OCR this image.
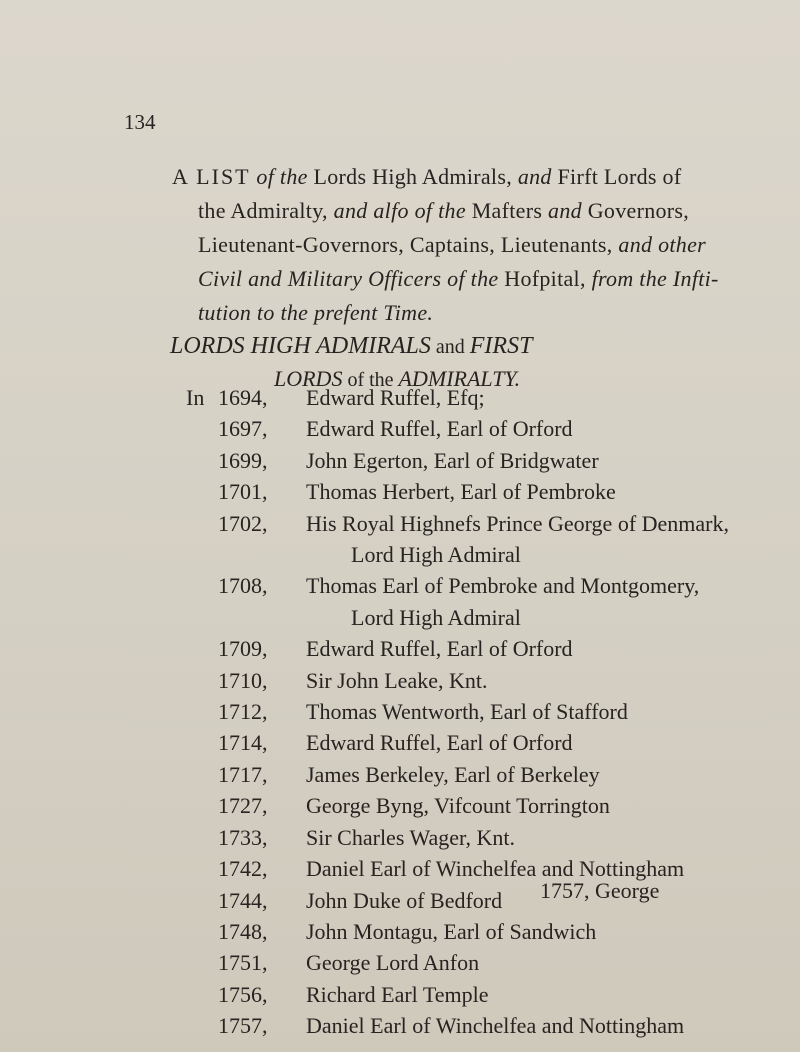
134
A LIST of the Lords High Admirals, and Firft Lords of
the Admiralty, and alfo of the Mafters and Governors,
Lieutenant-Governors, Captains, Lieutenants, and other
Civil and Military Officers of the Hofpital, from the Infti-
tution to the prefent Time.
LORDS HIGH ADMIRALS and FIRST
LORDS of the ADMIRALTY.
In 1694,	Edward Ruffel, Efq;
1697,	Edward Ruffel, Earl of Orford
1699,	John Egerton, Earl of Bridgwater
1701,	Thomas Herbert, Earl of Pembroke
1702,	His Royal Highnefs Prince George of Denmark,
Lord High Admiral
1708,	Thomas Earl of Pembroke and Montgomery,
Lord High Admiral
1709,	Edward Ruffel, Earl of Orford
1710,	Sir John Leake, Knt.
1712,	Thomas Wentworth, Earl of Stafford
1714,	Edward Ruffel, Earl of Orford
1717,	James Berkeley, Earl of Berkeley
1727,	George Byng, Vifcount Torrington
1733,	Sir Charles Wager, Knt.
1742,	Daniel Earl of Winchelfea and Nottingham
1744,	John Duke of Bedford
1748,	John Montagu, Earl of Sandwich
1751,	George Lord Anfon
1756,	Richard Earl Temple
1757,	Daniel Earl of Winchelfea and Nottingham
1757, George
